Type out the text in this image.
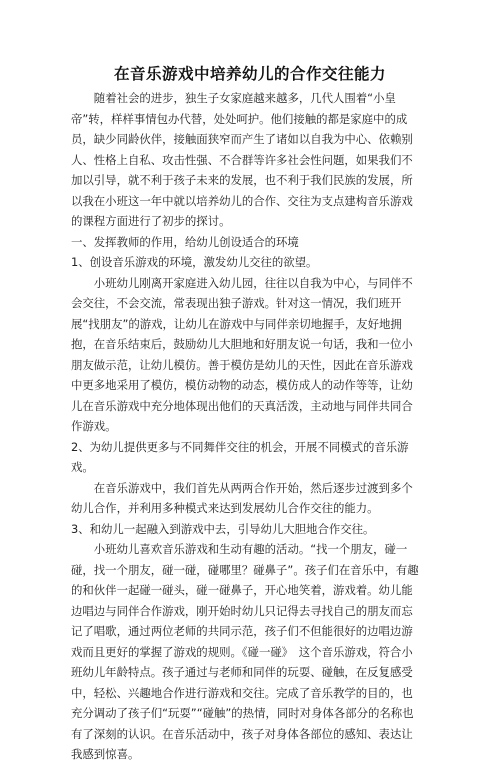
在音乐游戏中培养幼儿的合作交往能力

随着社会的进步，独生子女家庭越来越多，几代人围着“小皇帝”转，样样事情包办代替，处处呵护。他们接触的都是家庭中的成员，缺少同龄伙伴，接触面狭窄而产生了诸如以自我为中心、依赖别人、性格上自私、攻击性强、不合群等许多社会性问题，如果我们不加以引导，就不利于孩子未来的发展，也不利于我们民族的发展，所以我在小班这一年中就以培养幼儿的合作、交往为支点建构音乐游戏的课程方面进行了初步的探讨。

一、发挥教师的作用，给幼儿创设适合的环境

1、创设音乐游戏的环境，激发幼儿交往的欲望。

小班幼儿刚离开家庭进入幼儿园，往往以自我为中心，与同伴不会交往，不会交流，常表现出独子游戏。针对这一情况，我们班开展“找朋友”的游戏，让幼儿在游戏中与同伴亲切地握手，友好地拥抱，在音乐结束后，鼓励幼儿大胆地和好朋友说一句话，我和一位小朋友做示范，让幼儿模仿。善于模仿是幼儿的天性，因此在音乐游戏中更多地采用了模仿，模仿动物的动态，模仿成人的动作等等，让幼儿在音乐游戏中充分地体现出他们的天真活泼，主动地与同伴共同合作游戏。

2、为幼儿提供更多与不同舞伴交往的机会，开展不同模式的音乐游戏。

在音乐游戏中，我们首先从两两合作开始，然后逐步过渡到多个幼儿合作，并利用多种模式来达到发展幼儿合作交往的能力。

3、和幼儿一起融入到游戏中去，引导幼儿大胆地合作交往。

小班幼儿喜欢音乐游戏和生动有趣的活动。“找一个朋友，碰一碰，找一个朋友，碰一碰，碰哪里？碰鼻子”。孩子们在音乐中，有趣的和伙伴一起碰一碰头，碰一碰鼻子，开心地笑着，游戏着。幼儿能边唱边与同伴合作游戏，刚开始时幼儿只记得去寻找自己的朋友而忘记了唱歌，通过两位老师的共同示范，孩子们不但能很好的边唱边游戏而且更好的掌握了游戏的规则。《碰一碰》　这个音乐游戏，符合小班幼儿年龄特点。孩子通过与老师和同伴的玩耍、碰触，在反复感受中，轻松、兴趣地合作进行游戏和交往。完成了音乐教学的目的，也充分调动了孩子们“玩耍”“碰触”的热情，同时对身体各部分的名称也有了深刻的认识。在音乐活动中，孩子对身体各部位的感知、表达让我感到惊喜。
